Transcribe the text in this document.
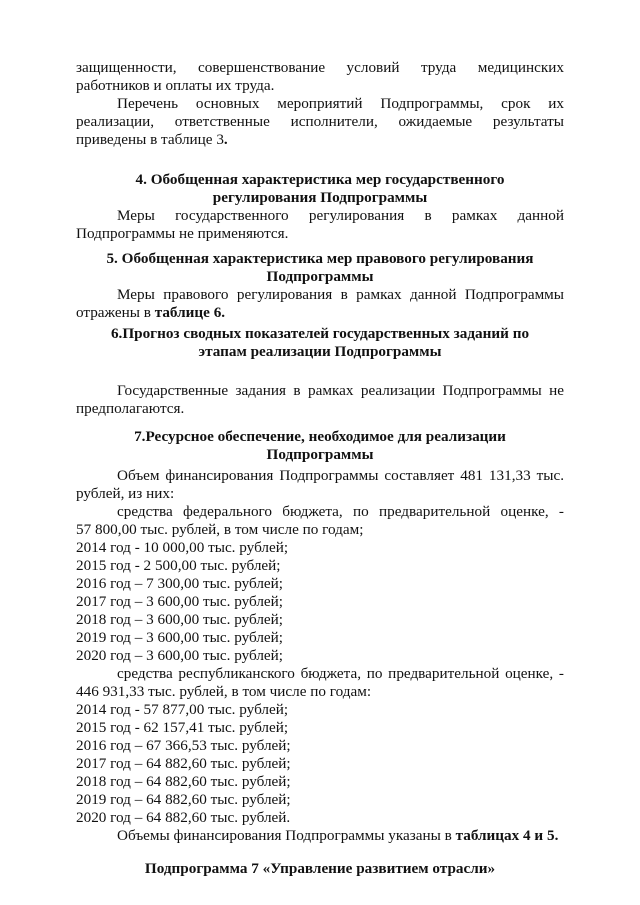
защищенности, совершенствование условий труда медицинских
работников и оплаты их труда.
Перечень основных мероприятий Подпрограммы, срок их
реализации, ответственные исполнители, ожидаемые результаты
приведены в таблице 3.
4. Обобщенная характеристика мер государственного
регулирования Подпрограммы
Меры государственного регулирования в рамках данной
Подпрограммы не применяются.
5. Обобщенная характеристика мер правового регулирования
Подпрограммы
Меры правового регулирования в рамках данной Подпрограммы
отражены в таблице 6.
6.Прогноз сводных показателей государственных заданий по
этапам реализации Подпрограммы
Государственные задания в рамках реализации Подпрограммы не
предполагаются.
7.Ресурсное обеспечение, необходимое для реализации
Подпрограммы
Объем финансирования Подпрограммы составляет 481 131,33 тыс.
рублей, из них:
средства федерального бюджета, по предварительной оценке, -
57 800,00 тыс. рублей, в том числе по годам;
2014 год - 10 000,00 тыс. рублей;
2015 год - 2 500,00 тыс. рублей;
2016 год – 7 300,00 тыс. рублей;
2017 год – 3 600,00 тыс. рублей;
2018 год – 3 600,00 тыс. рублей;
2019 год – 3 600,00 тыс. рублей;
2020 год – 3 600,00 тыс. рублей;
средства республиканского бюджета, по предварительной оценке, -
446 931,33 тыс. рублей, в том числе по годам:
2014 год - 57 877,00 тыс. рублей;
2015 год - 62 157,41 тыс. рублей;
2016 год – 67 366,53 тыс. рублей;
2017 год – 64 882,60 тыс. рублей;
2018 год – 64 882,60 тыс. рублей;
2019 год – 64 882,60 тыс. рублей;
2020 год – 64 882,60 тыс. рублей.
Объемы финансирования Подпрограммы указаны в таблицах 4 и 5.
Подпрограмма 7 «Управление развитием отрасли»
